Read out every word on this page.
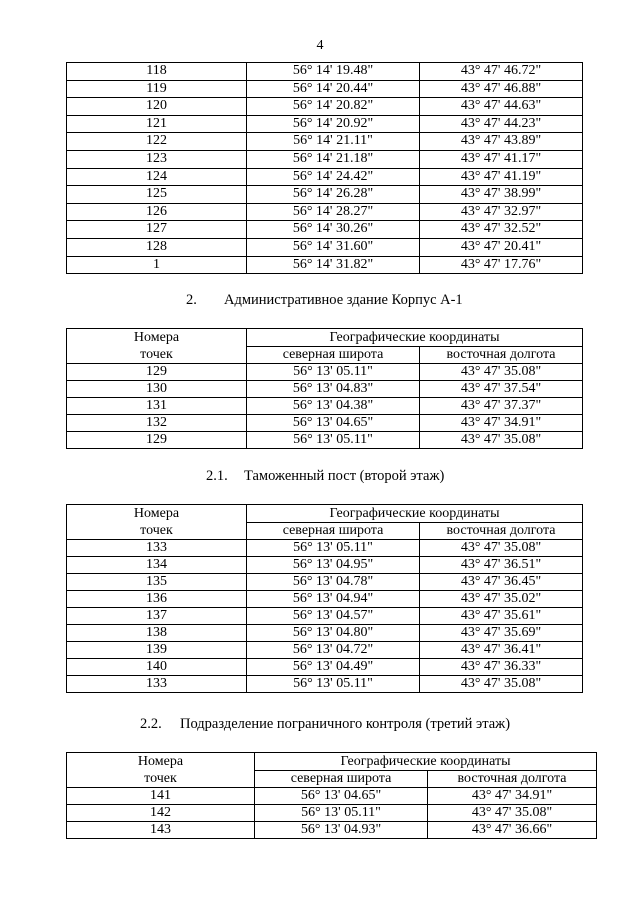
4
118	56° 14' 19.48"	43° 47' 46.72"
119	56° 14' 20.44"	43° 47' 46.88"
120	56° 14' 20.82"	43° 47' 44.63"
121	56° 14' 20.92"	43° 47' 44.23"
122	56° 14' 21.11"	43° 47' 43.89"
123	56° 14' 21.18"	43° 47' 41.17"
124	56° 14' 24.42"	43° 47' 41.19"
125	56° 14' 26.28"	43° 47' 38.99"
126	56° 14' 28.27"	43° 47' 32.97"
127	56° 14' 30.26"	43° 47' 32.52"
128	56° 14' 31.60"	43° 47' 20.41"
1	56° 14' 31.82"	43° 47' 17.76"
2. Административное здание Корпус А-1
Номера
точек	Географические координаты	
	северная широта	восточная долгота
129	56° 13' 05.11"	43° 47' 35.08"
130	56° 13' 04.83"	43° 47' 37.54"
131	56° 13' 04.38"	43° 47' 37.37"
132	56° 13' 04.65"	43° 47' 34.91"
129	56° 13' 05.11"	43° 47' 35.08"
2.1. Таможенный пост (второй этаж)
Номера
точек	Географические координаты	
	северная широта	восточная долгота
133	56° 13' 05.11"	43° 47' 35.08"
134	56° 13' 04.95"	43° 47' 36.51"
135	56° 13' 04.78"	43° 47' 36.45"
136	56° 13' 04.94"	43° 47' 35.02"
137	56° 13' 04.57"	43° 47' 35.61"
138	56° 13' 04.80"	43° 47' 35.69"
139	56° 13' 04.72"	43° 47' 36.41"
140	56° 13' 04.49"	43° 47' 36.33"
133	56° 13' 05.11"	43° 47' 35.08"
2.2. Подразделение пограничного контроля (третий этаж)
Номера
точек	Географические координаты	
	северная широта	восточная долгота
141	56° 13' 04.65"	43° 47' 34.91"
142	56° 13' 05.11"	43° 47' 35.08"
143	56° 13' 04.93"	43° 47' 36.66"
